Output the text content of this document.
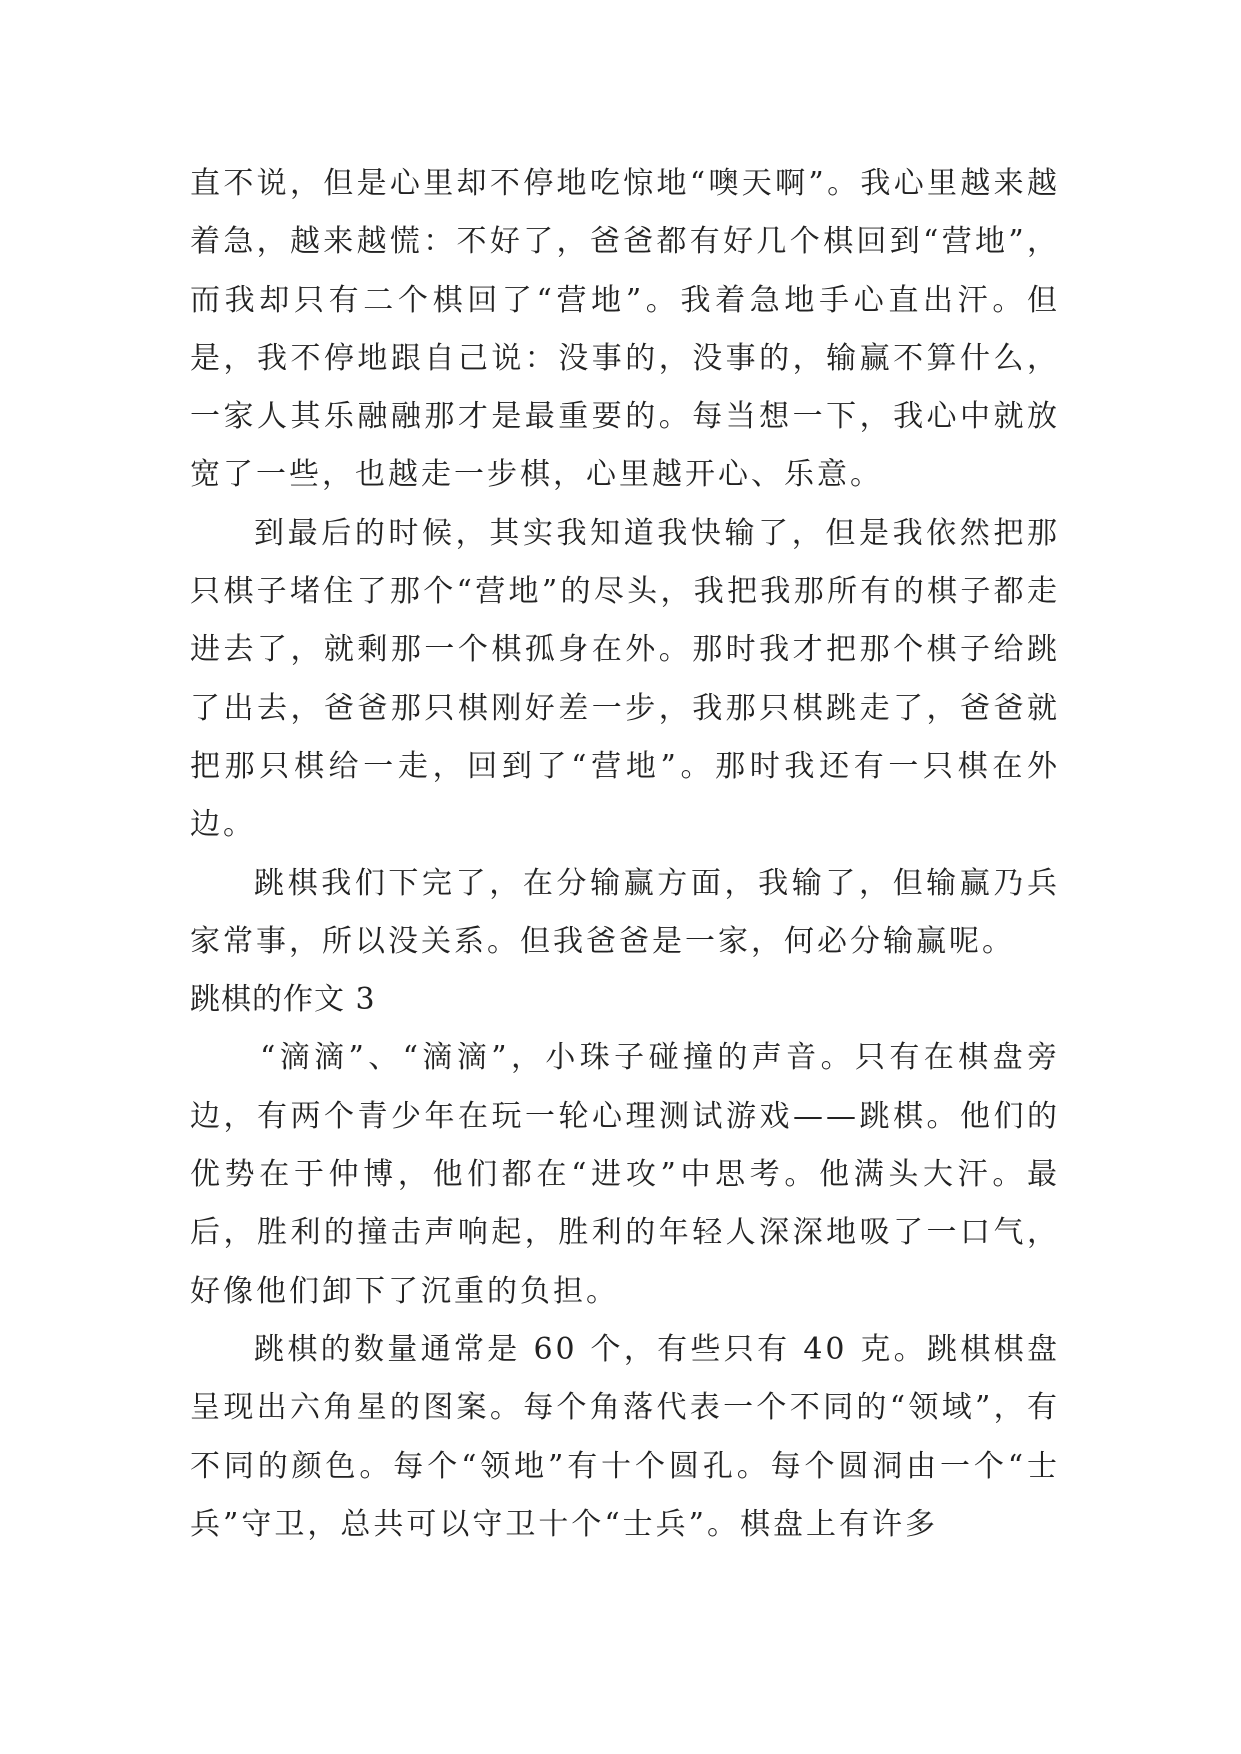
直不说，但是心里却不停地吃惊地“噢天啊”。我心里越来越着急，越来越慌：不好了，爸爸都有好几个棋回到“营地”，而我却只有二个棋回了“营地”。我着急地手心直出汗。但是，我不停地跟自己说：没事的，没事的，输赢不算什么，一家人其乐融融那才是最重要的。每当想一下，我心中就放宽了一些，也越走一步棋，心里越开心、乐意。

到最后的时候，其实我知道我快输了，但是我依然把那只棋子堵住了那个“营地”的尽头，我把我那所有的棋子都走进去了，就剩那一个棋孤身在外。那时我才把那个棋子给跳了出去，爸爸那只棋刚好差一步，我那只棋跳走了，爸爸就把那只棋给一走，回到了“营地”。那时我还有一只棋在外边。

跳棋我们下完了，在分输赢方面，我输了，但输赢乃兵家常事，所以没关系。但我爸爸是一家，何必分输赢呢。

跳棋的作文 3

“滴滴”、“滴滴”，小珠子碰撞的声音。只有在棋盘旁边，有两个青少年在玩一轮心理测试游戏——跳棋。他们的优势在于仲博，他们都在“进攻”中思考。他满头大汗。最后，胜利的撞击声响起，胜利的年轻人深深地吸了一口气，好像他们卸下了沉重的负担。

跳棋的数量通常是 60 个，有些只有 40 克。跳棋棋盘呈现出六角星的图案。每个角落代表一个不同的“领域”，有不同的颜色。每个“领地”有十个圆孔。每个圆洞由一个“士兵”守卫，总共可以守卫十个“士兵”。棋盘上有许多
